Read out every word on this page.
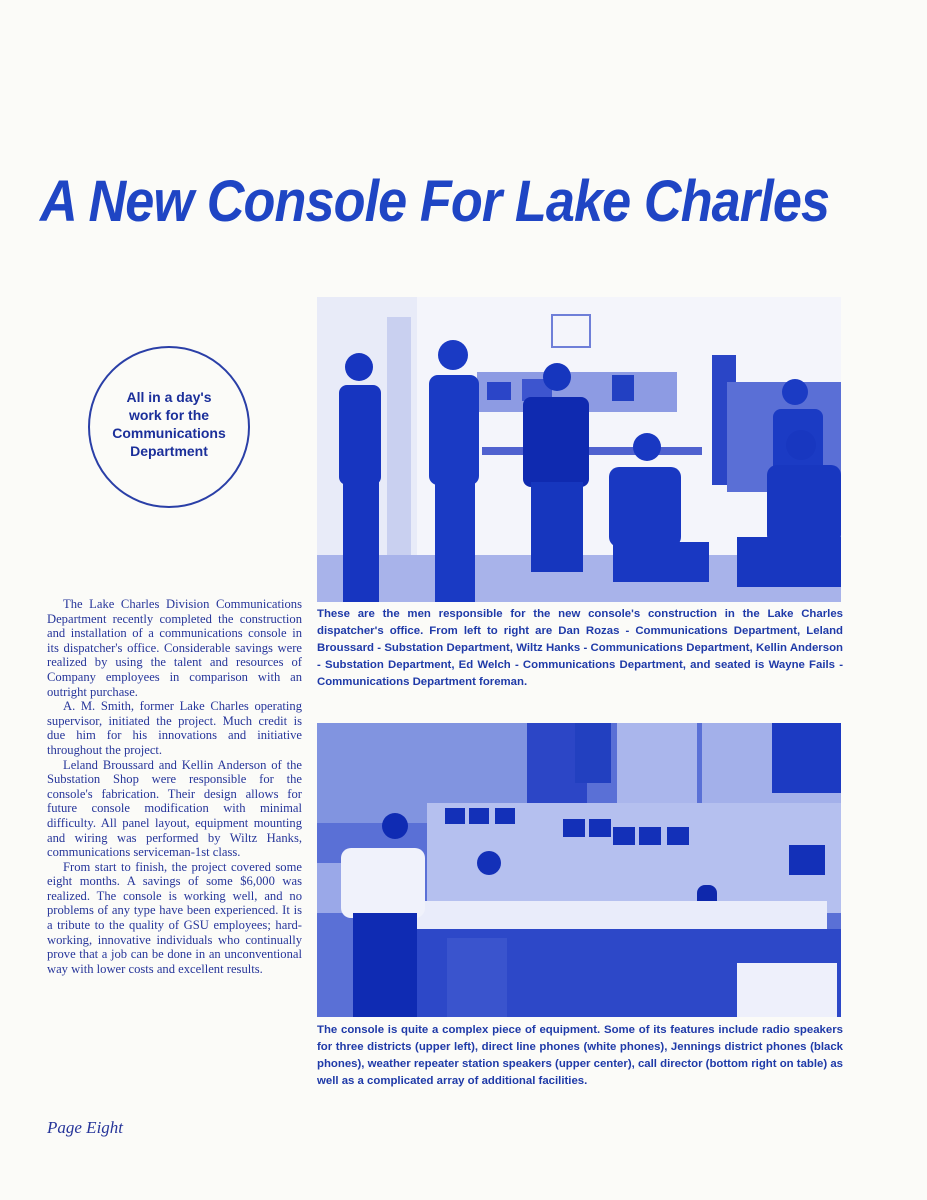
A New Console For Lake Charles
All in a day's work for the Communications Department
These are the men responsible for the new console's construction in the Lake Charles dispatcher's office. From left to right are Dan Rozas - Communications Department, Leland Broussard - Substation Department, Wiltz Hanks - Communications Department, Kellin Anderson - Substation Department, Ed Welch - Communications Department, and seated is Wayne Fails - Communications Department foreman.
The console is quite a complex piece of equipment. Some of its features include radio speakers for three districts (upper left), direct line phones (white phones), Jennings district phones (black phones), weather repeater station speakers (upper center), call director (bottom right on table) as well as a complicated array of additional facilities.

The Lake Charles Division Communications Department recently completed the construction and installation of a communications console in its dispatcher's office. Considerable savings were realized by using the talent and resources of Company employees in comparison with an outright purchase.

A. M. Smith, former Lake Charles operating supervisor, initiated the project. Much credit is due him for his innovations and initiative throughout the project.

Leland Broussard and Kellin Anderson of the Substation Shop were responsible for the console's fabrication. Their design allows for future console modification with minimal difficulty. All panel layout, equipment mounting and wiring was performed by Wiltz Hanks, communications serviceman-1st class.

From start to finish, the project covered some eight months. A savings of some $6,000 was realized. The console is working well, and no problems of any type have been experienced. It is a tribute to the quality of GSU employees; hard-working, innovative individuals who continually prove that a job can be done in an unconventional way with lower costs and excellent results.

Page Eight
